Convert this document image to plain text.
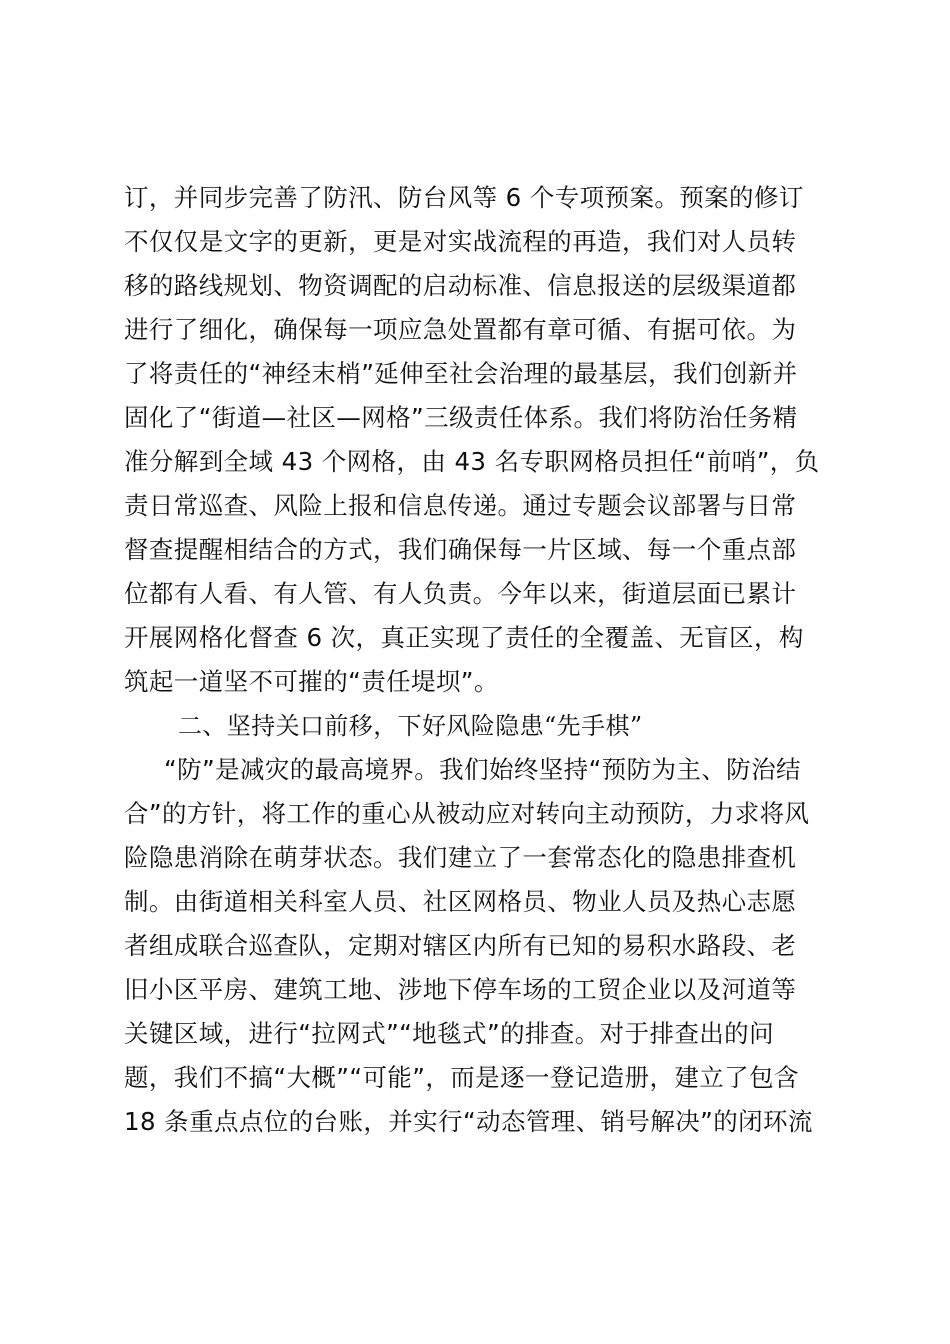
订，并同步完善了防汛、防台风等 6 个专项预案。预案的修订
不仅仅是文字的更新，更是对实战流程的再造，我们对人员转
移的路线规划、物资调配的启动标准、信息报送的层级渠道都
进行了细化，确保每一项应急处置都有章可循、有据可依。为
了将责任的“神经末梢”延伸至社会治理的最基层，我们创新并
固化了“街道—社区—网格”三级责任体系。我们将防治任务精
准分解到全域 43 个网格，由 43 名专职网格员担任“前哨”，负
责日常巡查、风险上报和信息传递。通过专题会议部署与日常
督查提醒相结合的方式，我们确保每一片区域、每一个重点部
位都有人看、有人管、有人负责。今年以来，街道层面已累计
开展网格化督查 6 次，真正实现了责任的全覆盖、无盲区，构
筑起一道坚不可摧的“责任堤坝”。
二、坚持关口前移，下好风险隐患“先手棋”
“防”是减灾的最高境界。我们始终坚持“预防为主、防治结
合”的方针，将工作的重心从被动应对转向主动预防，力求将风
险隐患消除在萌芽状态。我们建立了一套常态化的隐患排查机
制。由街道相关科室人员、社区网格员、物业人员及热心志愿
者组成联合巡查队，定期对辖区内所有已知的易积水路段、老
旧小区平房、建筑工地、涉地下停车场的工贸企业以及河道等
关键区域，进行“拉网式”“地毯式”的排查。对于排查出的问
题，我们不搞“大概”“可能”，而是逐一登记造册，建立了包含
18 条重点点位的台账，并实行“动态管理、销号解决”的闭环流
